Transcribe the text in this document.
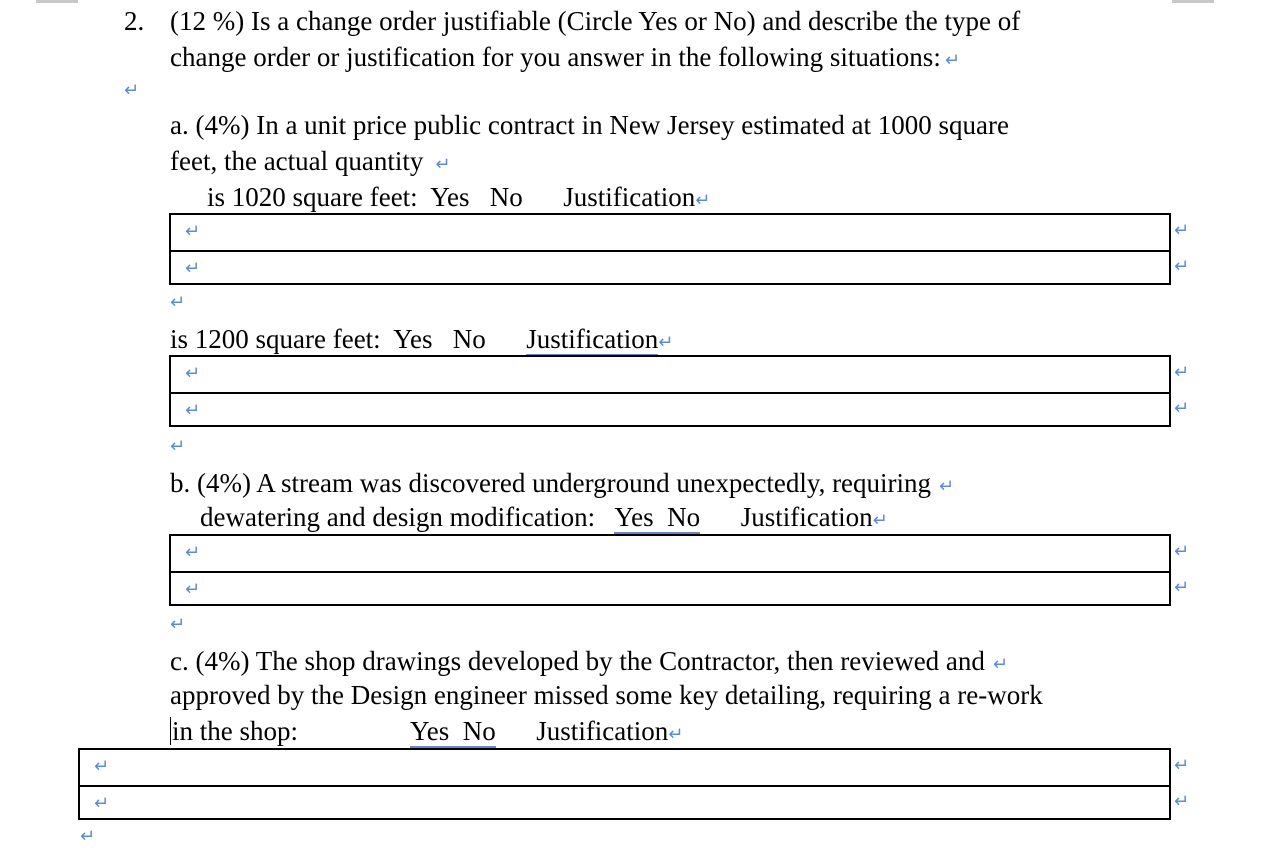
2. (12 %) Is a change order justifiable (Circle Yes or No) and describe the type of
change order or justification for you answer in the following situations: ↵
↵
a. (4%) In a unit price public contract in New Jersey estimated at 1000 square
feet, the actual quantity ↵
is 1020 square feet: Yes No Justification↵
↵
↵
↵
↵
↵
is 1200 square feet: Yes No Justification↵
↵
↵
↵
↵
↵
b. (4%) A stream was discovered underground unexpectedly, requiring ↵
dewatering and design modification: Yes  No Justification↵
↵
↵
↵
↵
↵
c. (4%) The shop drawings developed by the Contractor, then reviewed and ↵
approved by the Design engineer missed some key detailing, requiring a re-work
in the shop:	Yes  No Justification↵
↵
↵
↵
↵
↵
